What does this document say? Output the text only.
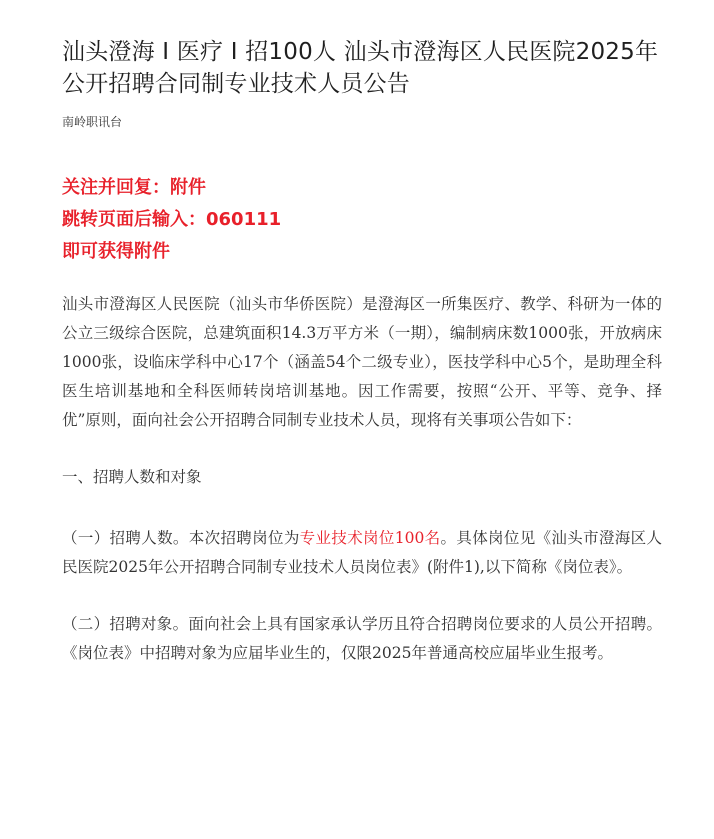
汕头澄海 I 医疗 I 招100人 汕头市澄海区人民医院2025年公开招聘合同制专业技术人员公告
南岭职讯台
关注并回复：附件
跳转页面后输入：060111
即可获得附件

汕头市澄海区人民医院（汕头市华侨医院）是澄海区一所集医疗、教学、科研为一体的公立三级综合医院，总建筑面积14.3万平方米（一期），编制病床数1000张，开放病床1000张，设临床学科中心17个（涵盖54个二级专业），医技学科中心5个，是助理全科医生培训基地和全科医师转岗培训基地。因工作需要，按照“公开、平等、竞争、择优”原则，面向社会公开招聘合同制专业技术人员，现将有关事项公告如下：

一、招聘人数和对象

（一）招聘人数。本次招聘岗位为专业技术岗位100名。具体岗位见《汕头市澄海区人民医院2025年公开招聘合同制专业技术人员岗位表》(附件1),以下简称《岗位表》。

（二）招聘对象。面向社会上具有国家承认学历且符合招聘岗位要求的人员公开招聘。《岗位表》中招聘对象为应届毕业生的，仅限2025年普通高校应届毕业生报考。
